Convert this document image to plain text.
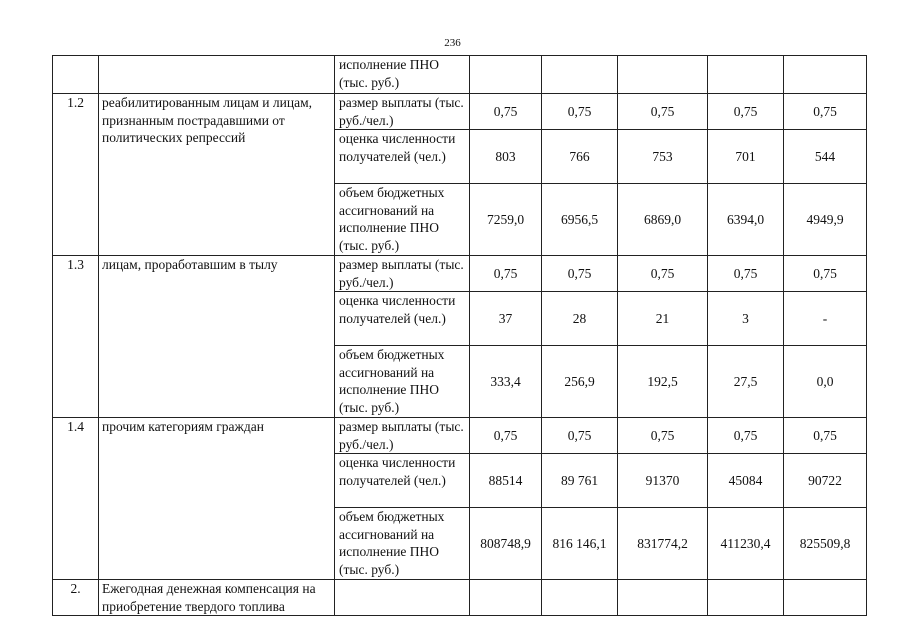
236
		исполнение ПНО (тыс. руб.)					
1.2	реабилитированным лицам и лицам, признанным пострадавшими от политических репрессий	размер выплаты (тыс. руб./чел.)	0,75	0,75	0,75	0,75	0,75
		оценка численности получателей (чел.)	803	766	753	701	544
		объем бюджетных ассигнований на исполнение ПНО (тыс. руб.)	7259,0	6956,5	6869,0	6394,0	4949,9
1.3	лицам, проработавшим в тылу	размер выплаты (тыс. руб./чел.)	0,75	0,75	0,75	0,75	0,75
		оценка численности получателей (чел.)	37	28	21	3	-
		объем бюджетных ассигнований на исполнение ПНО (тыс. руб.)	333,4	256,9	192,5	27,5	0,0
1.4	прочим категориям граждан	размер выплаты (тыс. руб./чел.)	0,75	0,75	0,75	0,75	0,75
		оценка численности получателей (чел.)	88514	89 761	91370	45084	90722
		объем бюджетных ассигнований на исполнение ПНО (тыс. руб.)	808748,9	816 146,1	831774,2	411230,4	825509,8
2.	Ежегодная денежная компенсация на приобретение твердого топлива						
